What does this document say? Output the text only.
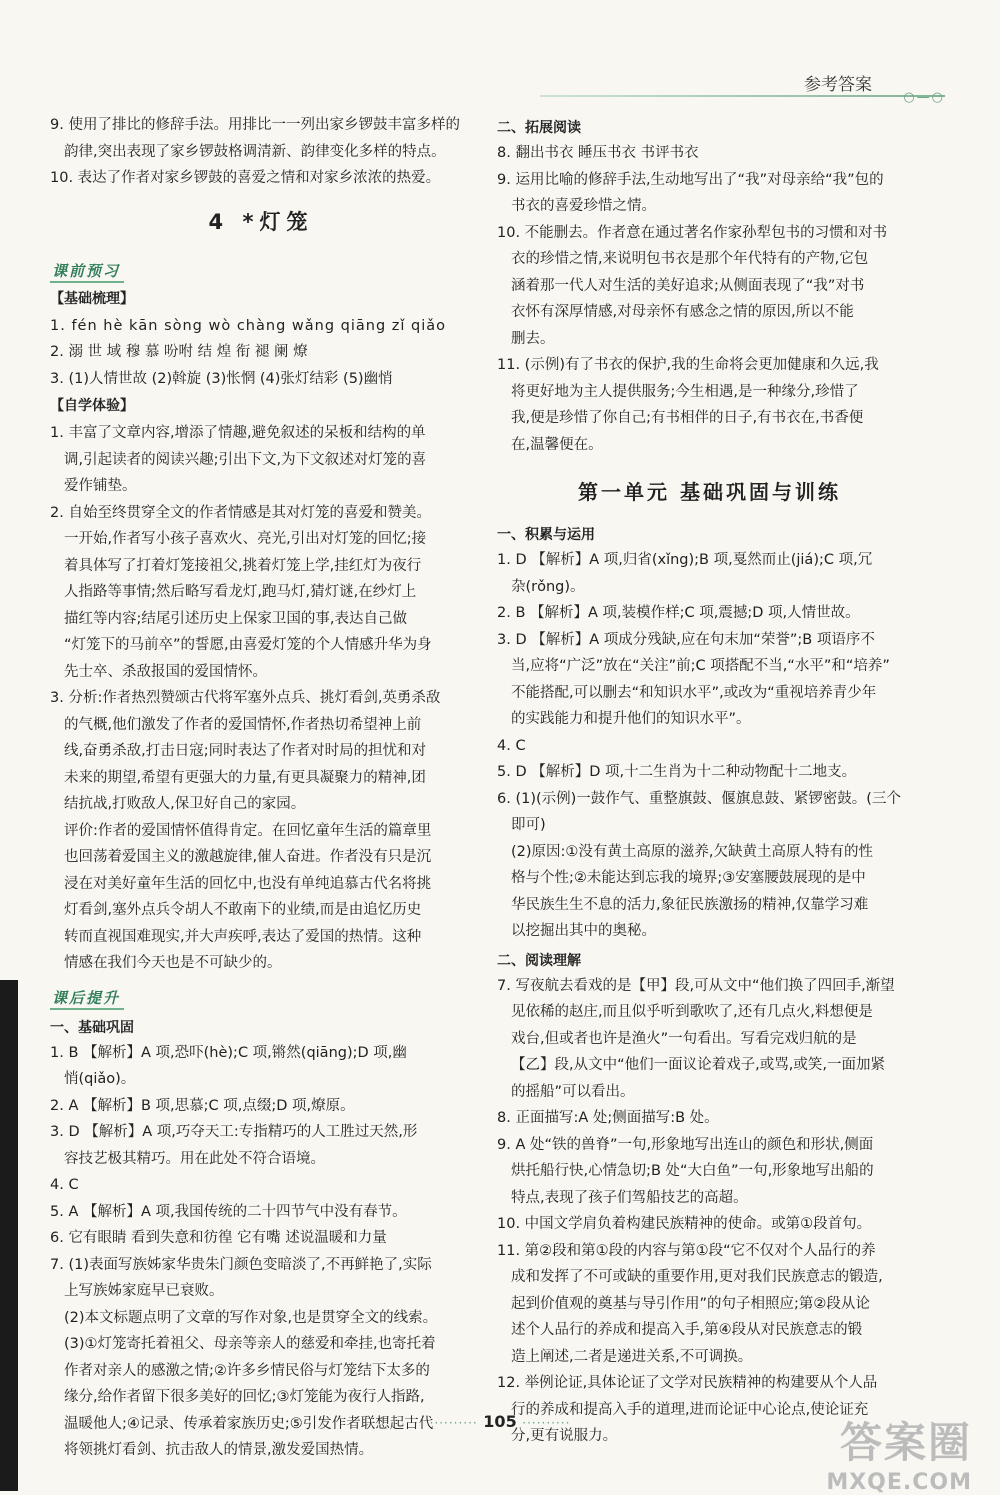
参考答案
○—○

9. 使用了排比的修辞手法。用排比一一列出家乡锣鼓丰富多样的

韵律,突出表现了家乡锣鼓格调清新、韵律变化多样的特点。

10. 表达了作者对家乡锣鼓的喜爱之情和对家乡浓浓的热爱。

4 *灯笼
课前预习
【基础梳理】

1. fén hè kān sòng wò chàng wǎng qiāng zǐ qiǎo

2. 溺 世 域 穆 慕 吩咐 结 煌 衔 褪 阑 燎

3. (1)人情世故 (2)斡旋 (3)怅惘 (4)张灯结彩 (5)幽悄

【自学体验】

1. 丰富了文章内容,增添了情趣,避免叙述的呆板和结构的单

调,引起读者的阅读兴趣;引出下文,为下文叙述对灯笼的喜

爱作铺垫。

2. 自始至终贯穿全文的作者情感是其对灯笼的喜爱和赞美。

一开始,作者写小孩子喜欢火、亮光,引出对灯笼的回忆;接

着具体写了打着灯笼接祖父,挑着灯笼上学,挂红灯为夜行

人指路等事情;然后略写看龙灯,跑马灯,猜灯谜,在纱灯上

描红等内容;结尾引述历史上保家卫国的事,表达自己做

“灯笼下的马前卒”的誓愿,由喜爱灯笼的个人情感升华为身

先士卒、杀敌报国的爱国情怀。

3. 分析:作者热烈赞颂古代将军塞外点兵、挑灯看剑,英勇杀敌

的气概,他们激发了作者的爱国情怀,作者热切希望神上前

线,奋勇杀敌,打击日寇;同时表达了作者对时局的担忧和对

未来的期望,希望有更强大的力量,有更具凝聚力的精神,团

结抗战,打败敌人,保卫好自己的家园。

评价:作者的爱国情怀值得肯定。在回忆童年生活的篇章里

也回荡着爱国主义的激越旋律,催人奋进。作者没有只是沉

浸在对美好童年生活的回忆中,也没有单纯追慕古代名将挑

灯看剑,塞外点兵令胡人不敢南下的业绩,而是由追忆历史

转而直视国难现实,并大声疾呼,表达了爱国的热情。这种

情感在我们今天也是不可缺少的。

课后提升
一、基础巩固

1. B 【解析】A 项,恐吓(hè);C 项,锵然(qiāng);D 项,幽

悄(qiǎo)。

2. A 【解析】B 项,思慕;C 项,点缀;D 项,燎原。

3. D 【解析】A 项,巧夺天工:专指精巧的人工胜过天然,形

容技艺极其精巧。用在此处不符合语境。

4. C

5. A 【解析】A 项,我国传统的二十四节气中没有春节。

6. 它有眼睛 看到失意和彷徨 它有嘴 述说温暖和力量

7. (1)表面写族姊家华贵朱门颜色变暗淡了,不再鲜艳了,实际

上写族姊家庭早已衰败。

(2)本文标题点明了文章的写作对象,也是贯穿全文的线索。

(3)①灯笼寄托着祖父、母亲等亲人的慈爱和牵挂,也寄托着

作者对亲人的感激之情;②许多乡情民俗与灯笼结下太多的

缘分,给作者留下很多美好的回忆;③灯笼能为夜行人指路,

温暖他人;④记录、传承着家族历史;⑤引发作者联想起古代

将领挑灯看剑、抗击敌人的情景,激发爱国热情。

二、拓展阅读

8. 翻出书衣 睡压书衣 书评书衣

9. 运用比喻的修辞手法,生动地写出了“我”对母亲给“我”包的

书衣的喜爱珍惜之情。

10. 不能删去。作者意在通过著名作家孙犁包书的习惯和对书

衣的珍惜之情,来说明包书衣是那个年代特有的产物,它包

涵着那一代人对生活的美好追求;从侧面表现了“我”对书

衣怀有深厚情感,对母亲怀有感念之情的原因,所以不能

删去。

11. (示例)有了书衣的保护,我的生命将会更加健康和久远,我

将更好地为主人提供服务;今生相遇,是一种缘分,珍惜了

我,便是珍惜了你自己;有书相伴的日子,有书衣在,书香便

在,温馨便在。

第一单元 基础巩固与训练
一、积累与运用

1. D 【解析】A 项,归省(xǐng);B 项,戛然而止(jiá);C 项,冗

杂(rǒng)。

2. B 【解析】A 项,装模作样;C 项,震撼;D 项,人情世故。

3. D 【解析】A 项成分残缺,应在句末加“荣誉”;B 项语序不

当,应将“广泛”放在“关注”前;C 项搭配不当,“水平”和“培养”

不能搭配,可以删去“和知识水平”,或改为“重视培养青少年

的实践能力和提升他们的知识水平”。

4. C

5. D 【解析】D 项,十二生肖为十二种动物配十二地支。

6. (1)(示例)一鼓作气、重整旗鼓、偃旗息鼓、紧锣密鼓。(三个

即可)

(2)原因:①没有黄土高原的滋养,欠缺黄土高原人特有的性

格与个性;②未能达到忘我的境界;③安塞腰鼓展现的是中

华民族生生不息的活力,象征民族激扬的精神,仅靠学习难

以挖掘出其中的奥秘。

二、阅读理解

7. 写夜航去看戏的是【甲】段,可从文中“他们换了四回手,渐望

见依稀的赵庄,而且似乎听到歌吹了,还有几点火,料想便是

戏台,但或者也许是渔火”一句看出。写看完戏归航的是

【乙】段,从文中“他们一面议论着戏子,或骂,或笑,一面加紧

的摇船”可以看出。

8. 正面描写:A 处;侧面描写:B 处。

9. A 处“铁的兽脊”一句,形象地写出连山的颜色和形状,侧面

烘托船行快,心情急切;B 处“大白鱼”一句,形象地写出船的

特点,表现了孩子们驾船技艺的高超。

10. 中国文学肩负着构建民族精神的使命。或第①段首句。

11. 第②段和第①段的内容与第①段“它不仅对个人品行的养

成和发挥了不可或缺的重要作用,更对我们民族意志的锻造,

起到价值观的奠基与导引作用”的句子相照应;第②段从论

述个人品行的养成和提高入手,第④段从对民族意志的锻

造上阐述,二者是递进关系,不可调换。

12. 举例论证,具体论证了文学对民族精神的构建要从个人品

行的养成和提高入手的道理,进而论证中心论点,使论证充

分,更有说服力。

·········· 105 ··········	答案圈
MXQE.COM
